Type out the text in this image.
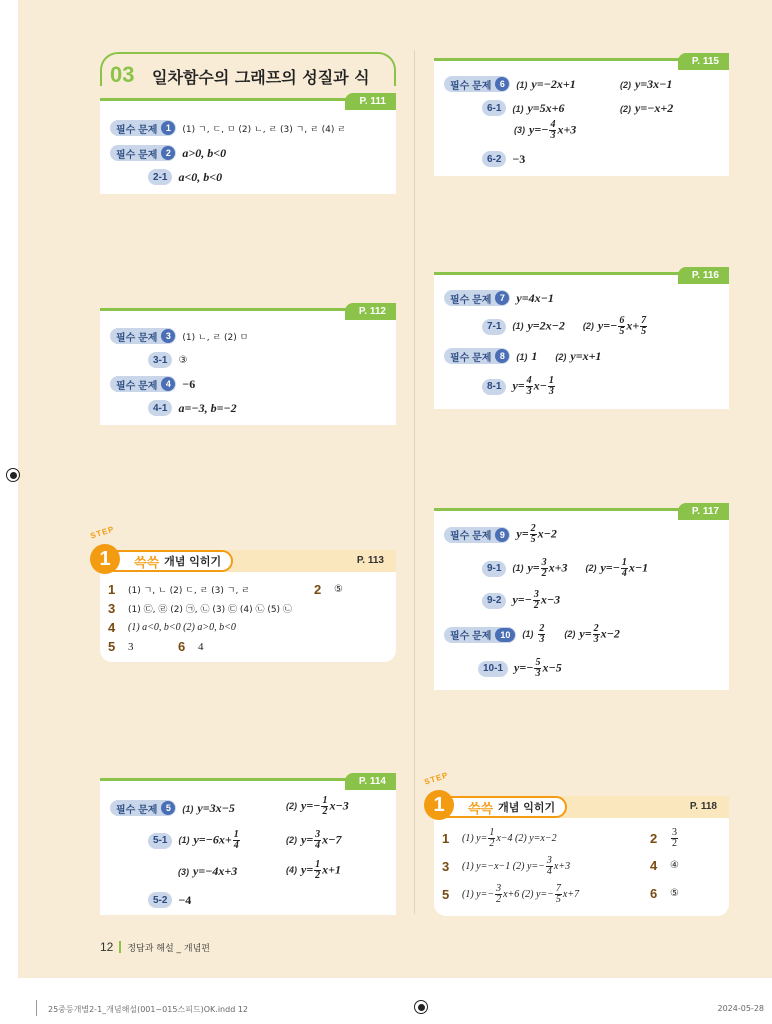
03 일차함수의 그래프의 성질과 식
P. 111
필수 문제 1	(1) ㄱ, ㄷ, ㅁ (2) ㄴ, ㄹ (3) ㄱ, ㄹ (4) ㄹ
필수 문제 2 a>0, b<0
2-1 a<0, b<0
P. 112
필수 문제 3	(1) ㄴ, ㄹ (2) ㅁ
3-1	③
필수 문제 4 −6
4-1 a=−3, b=−2
STEP
쓱쓱 개념 익히기
1	P. 113
1	(1) ㄱ, ㄴ (2) ㄷ, ㄹ (3) ㄱ, ㄹ	2	⑤
3	(1) ㉢, ㉣ (2) ㉠, ㉡ (3) ㉢ (4) ㉡ (5) ㉡
4	(1) a<0, b<0 (2) a>0, b<0
5	3	6	4
P. 114
필수 문제 5	(1) y=3x−5	(2) $y=- \frac{1}{2} x-3$
5-1	(1) $y=-6x+ \frac{1}{4}$	(2) $y= \frac{3}{4} x-7$
(3) y=−4x+3	(4) $y= \frac{1}{2} x+1$
5-2 −4
P. 115
필수 문제 6	(1) y=−2x+1	(2) y=3x−1
6-1	(1) y=5x+6	(2) y=−x+2
(3) $y=- \frac{4}{3} x+3$
6-2 −3
P. 116
필수 문제 7 y=4x−1
7-1	(1) y=2x−2 (2) $y=- \frac{6}{5} x+ \frac{7}{5}$
필수 문제 8	(1) 1 (2) y=x+1
8-1 $y= \frac{4}{3} x- \frac{1}{3}$
P. 117
필수 문제 9 $y= \frac{2}{5} x-2$
9-1	(1) $y= \frac{3}{2} x+3$ (2) $y=- \frac{1}{4} x-1$
9-2 $y=- \frac{3}{2} x-3$
필수 문제 10	$(1) \frac{2}{3} (2)$ $y= \frac{2}{3} x-2$
10-1 $y=- \frac{5}{3} x-5$
STEP
쓱쓱 개념 익히기
1	P. 118
1	(1) $y= \frac{1}{2} x-4$ (2) y=x−2	2	$\frac{3}{2}$
3	(1) y=−x−1 (2) $y=- \frac{3}{4} x+3$	4	④
5	(1) $y=- \frac{3}{2} x+6$ (2) $y=- \frac{7}{5} x+7$	6	⑤
12 정답과 해설 _ 개념편
25중등개별2-1_개념해설(001~015스피드)OK.indd 12	2024-05-28
